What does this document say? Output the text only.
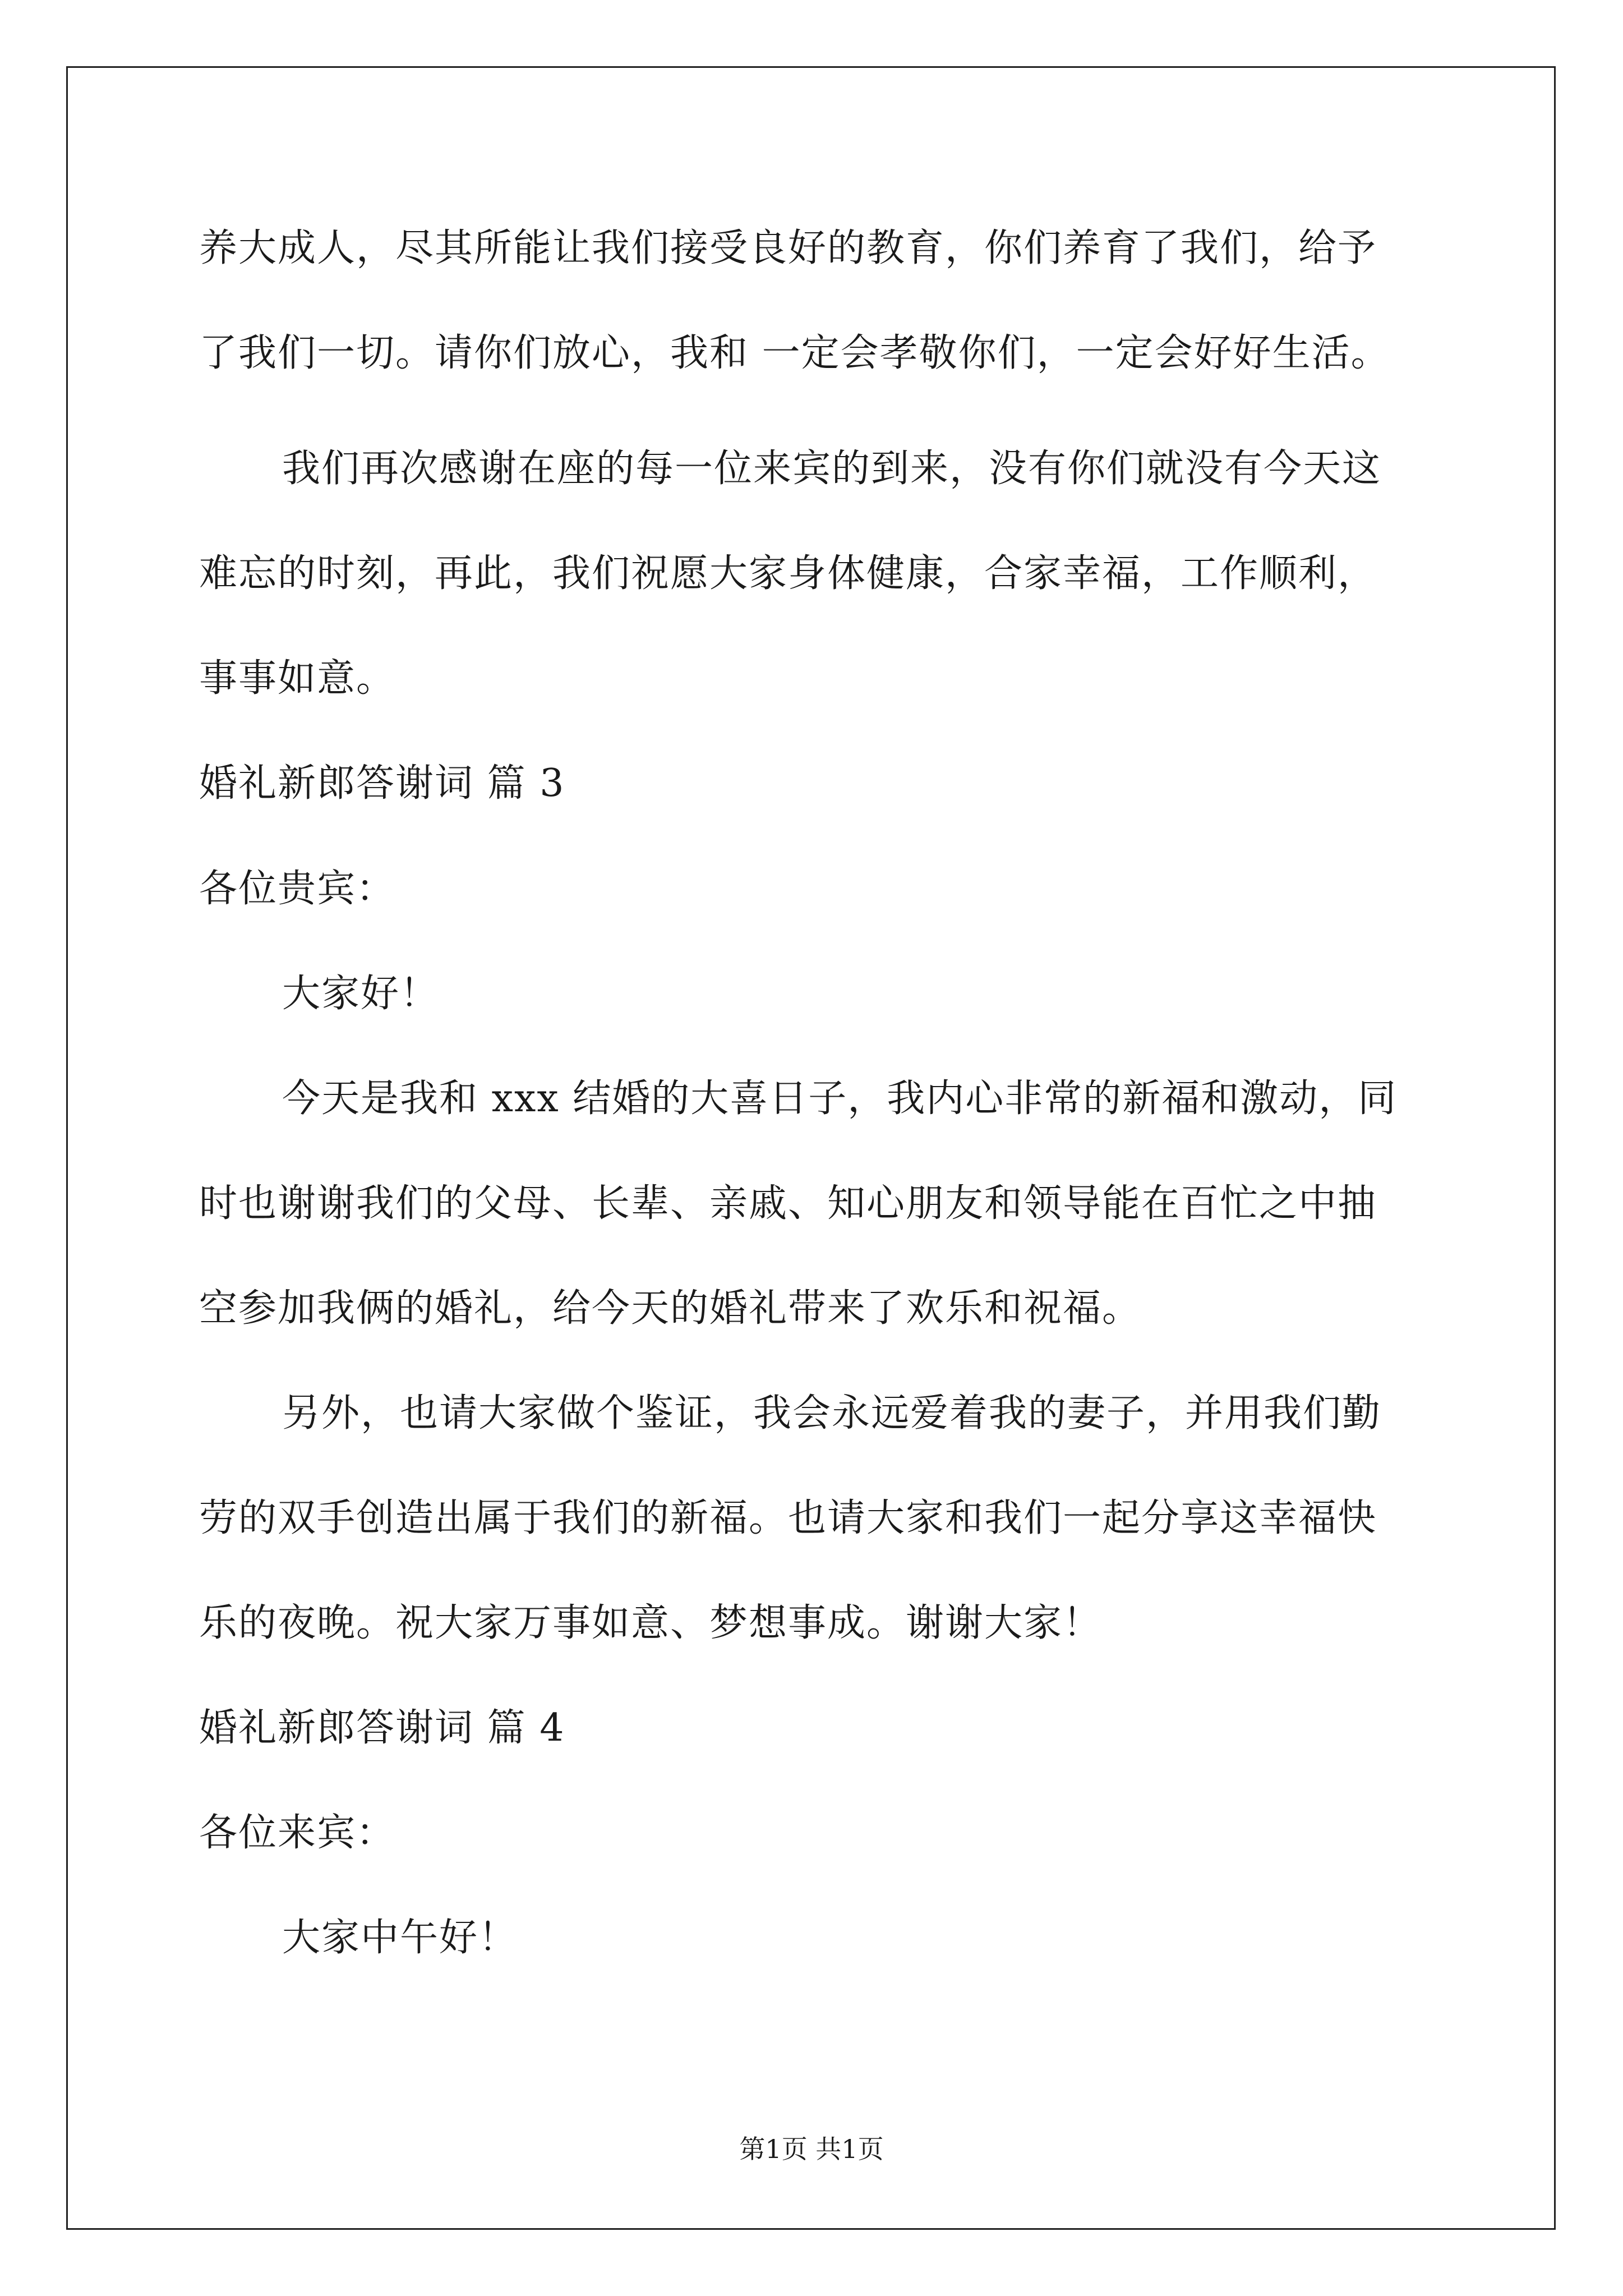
养大成人，尽其所能让我们接受良好的教育，你们养育了我们，给予
了我们一切。请你们放心，我和 一定会孝敬你们，一定会好好生活。
我们再次感谢在座的每一位来宾的到来，没有你们就没有今天这
难忘的时刻，再此，我们祝愿大家身体健康，合家幸福，工作顺利，
事事如意。
婚礼新郎答谢词 篇 3
各位贵宾：
大家好！
今天是我和 xxx 结婚的大喜日子，我内心非常的新福和激动，同
时也谢谢我们的父母、长辈、亲戚、知心朋友和领导能在百忙之中抽
空参加我俩的婚礼，给今天的婚礼带来了欢乐和祝福。
另外，也请大家做个鉴证，我会永远爱着我的妻子，并用我们勤
劳的双手创造出属于我们的新福。也请大家和我们一起分享这幸福快
乐的夜晚。祝大家万事如意、梦想事成。谢谢大家！
婚礼新郎答谢词 篇 4
各位来宾：
大家中午好！
第1页 共1页
